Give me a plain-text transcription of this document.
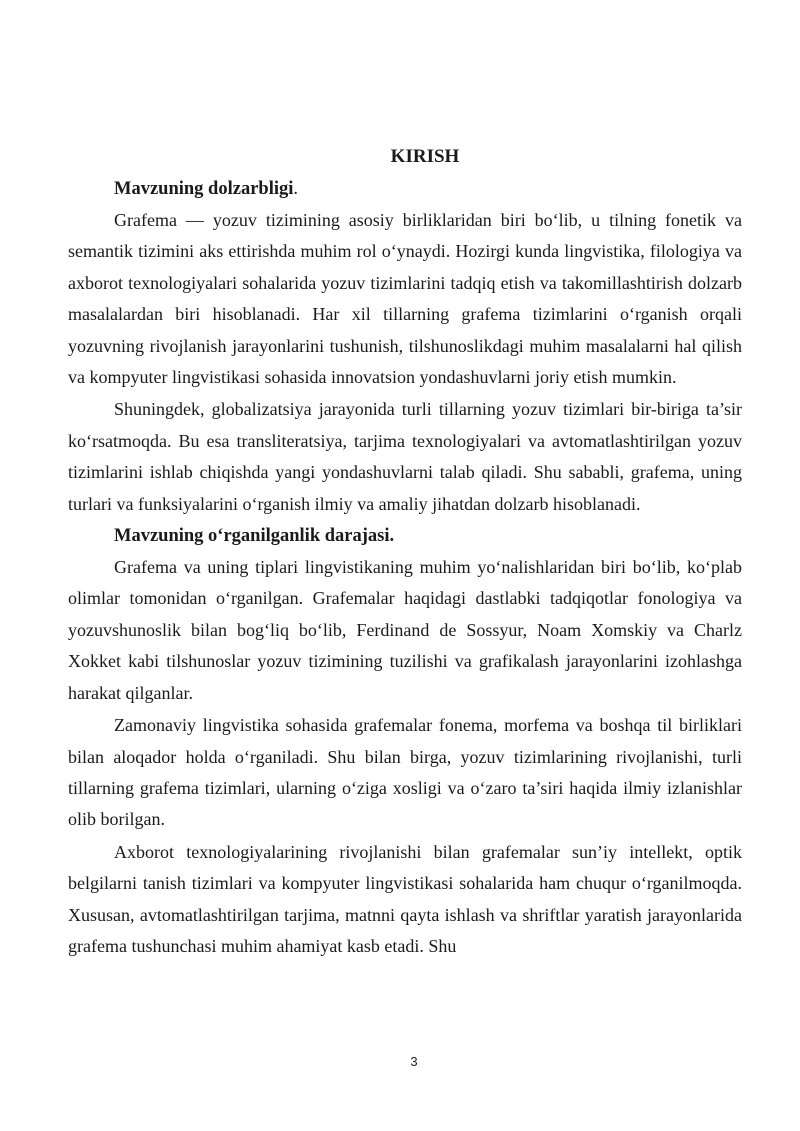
KIRISH

Mavzuning dolzarbligi.

Grafema — yozuv tizimining asosiy birliklaridan biri bo‘lib, u tilning fonetik va semantik tizimini aks ettirishda muhim rol o‘ynaydi. Hozirgi kunda lingvistika, filologiya va axborot texnologiyalari sohalarida yozuv tizimlarini tadqiq etish va takomillashtirish dolzarb masalalardan biri hisoblanadi. Har xil tillarning grafema tizimlarini o‘rganish orqali yozuvning rivojlanish jarayonlarini tushunish, tilshunoslikdagi muhim masalalarni hal qilish va kompyuter lingvistikasi sohasida innovatsion yondashuvlarni joriy etish mumkin.

Shuningdek, globalizatsiya jarayonida turli tillarning yozuv tizimlari bir-biriga ta’sir ko‘rsatmoqda. Bu esa transliteratsiya, tarjima texnologiyalari va avtomatlashtirilgan yozuv tizimlarini ishlab chiqishda yangi yondashuvlarni talab qiladi. Shu sababli, grafema, uning turlari va funksiyalarini o‘rganish ilmiy va amaliy jihatdan dolzarb hisoblanadi.

Mavzuning o‘rganilganlik darajasi.

Grafema va uning tiplari lingvistikaning muhim yo‘nalishlaridan biri bo‘lib, ko‘plab olimlar tomonidan o‘rganilgan. Grafemalar haqidagi dastlabki tadqiqotlar fonologiya va yozuvshunoslik bilan bog‘liq bo‘lib, Ferdinand de Sossyur, Noam Xomskiy va Charlz Xokket kabi tilshunoslar yozuv tizimining tuzilishi va grafikalash jarayonlarini izohlashga harakat qilganlar.

Zamonaviy lingvistika sohasida grafemalar fonema, morfema va boshqa til birliklari bilan aloqador holda o‘rganiladi. Shu bilan birga, yozuv tizimlarining rivojlanishi, turli tillarning grafema tizimlari, ularning o‘ziga xosligi va o‘zaro ta’siri haqida ilmiy izlanishlar olib borilgan.

Axborot texnologiyalarining rivojlanishi bilan grafemalar sun’iy intellekt, optik belgilarni tanish tizimlari va kompyuter lingvistikasi sohalarida ham chuqur o‘rganilmoqda. Xususan, avtomatlashtirilgan tarjima, matnni qayta ishlash va shriftlar yaratish jarayonlarida grafema tushunchasi muhim ahamiyat kasb etadi. Shu

3
